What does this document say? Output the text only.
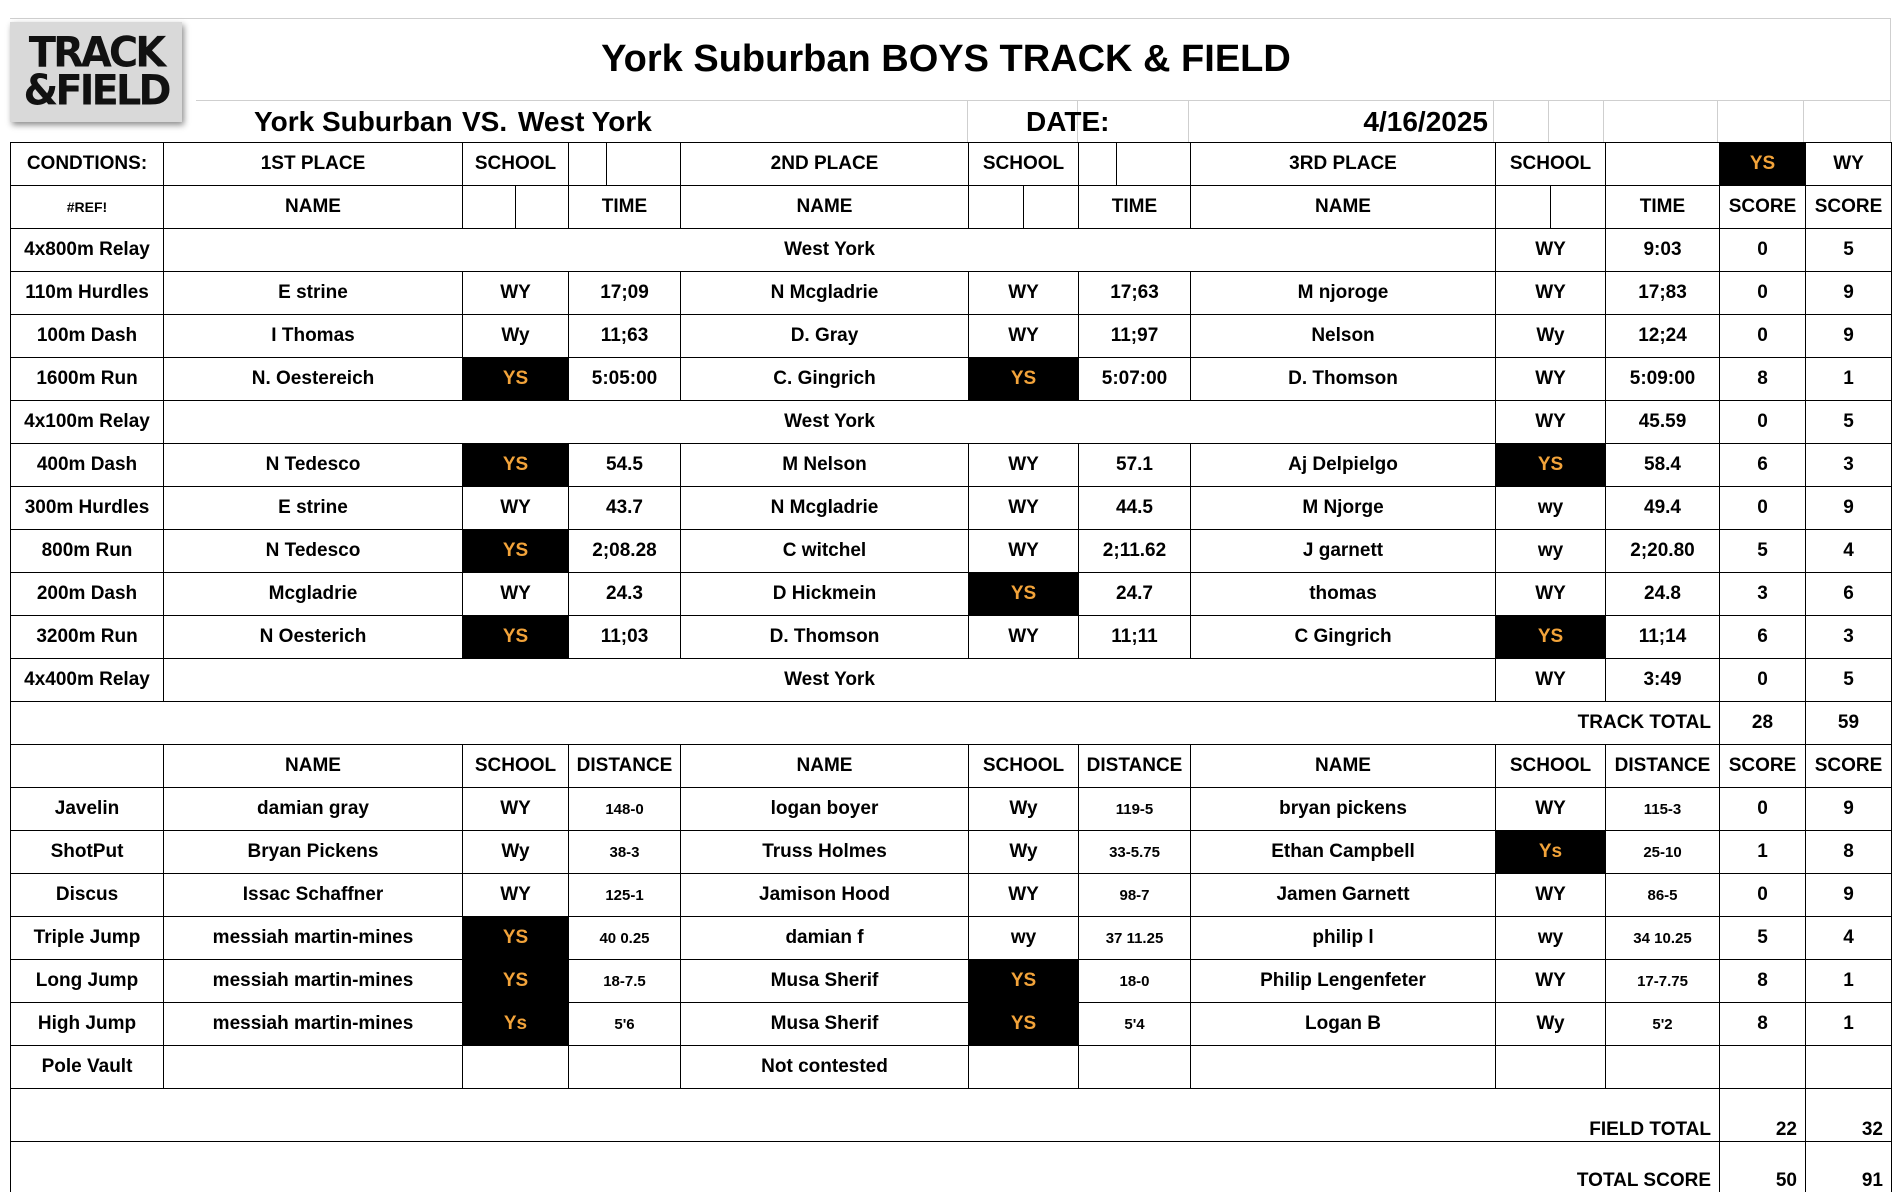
TRACK
&FIELD
York Suburban BOYS TRACK & FIELD
York Suburban VS. West York	DATE:	4/16/2025
CONDTIONS:	1ST PLACE	SCHOOL				2ND PLACE	SCHOOL				3RD PLACE	SCHOOL			YS	WY
#REF!	NAME			TIME		NAME			TIME		NAME			TIME	SCORE	SCORE
4x800m Relay	West York											WY		9:03	0	5
110m Hurdles	E strine	WY		17;09		N Mcgladrie	WY		17;63		M njoroge	WY		17;83	0	9
100m Dash	I Thomas	Wy		11;63		D. Gray	WY		11;97		Nelson	Wy		12;24	0	9
1600m Run	N. Oestereich	YS		5:05:00		C. Gingrich	YS		5:07:00		D. Thomson	WY		5:09:00	8	1
4x100m Relay	West York											WY		45.59	0	5
400m Dash	N Tedesco	YS		54.5		M Nelson	WY		57.1		Aj Delpielgo	YS		58.4	6	3
300m Hurdles	E strine	WY		43.7		N Mcgladrie	WY		44.5		M Njorge	wy		49.4	0	9
800m Run	N Tedesco	YS		2;08.28		C witchel	WY		2;11.62		J garnett	wy		2;20.80	5	4
200m Dash	Mcgladrie	WY		24.3		D Hickmein	YS		24.7		thomas	WY		24.8	3	6
3200m Run	N Oesterich	YS		11;03		D. Thomson	WY		11;11		C Gingrich	YS		11;14	6	3
4x400m Relay	West York											WY		3:49	0	5
TRACK TOTAL															28	59
	NAME	SCHOOL		DISTANCE		NAME	SCHOOL		DISTANCE		NAME	SCHOOL		DISTANCE	SCORE	SCORE
Javelin	damian gray	WY		148-0		logan boyer	Wy		119-5		bryan pickens	WY		115-3	0	9
ShotPut	Bryan Pickens	Wy		38-3		Truss Holmes	Wy		33-5.75		Ethan Campbell	Ys		25-10	1	8
Discus	Issac Schaffner	WY		125-1		Jamison Hood	WY		98-7		Jamen Garnett	WY		86-5	0	9
Triple Jump	messiah martin-mines	YS		40 0.25		damian f	wy		37 11.25		philip l	wy		34 10.25	5	4
Long Jump	messiah martin-mines	YS		18-7.5		Musa Sherif	YS		18-0		Philip Lengenfeter	WY		17-7.75	8	1
High Jump	messiah martin-mines	Ys		5'6		Musa Sherif	YS		5'4		Logan B	Wy		5'2	8	1
Pole Vault						Not contested										
FIELD TOTAL															22	32
TOTAL SCORE															50	91
